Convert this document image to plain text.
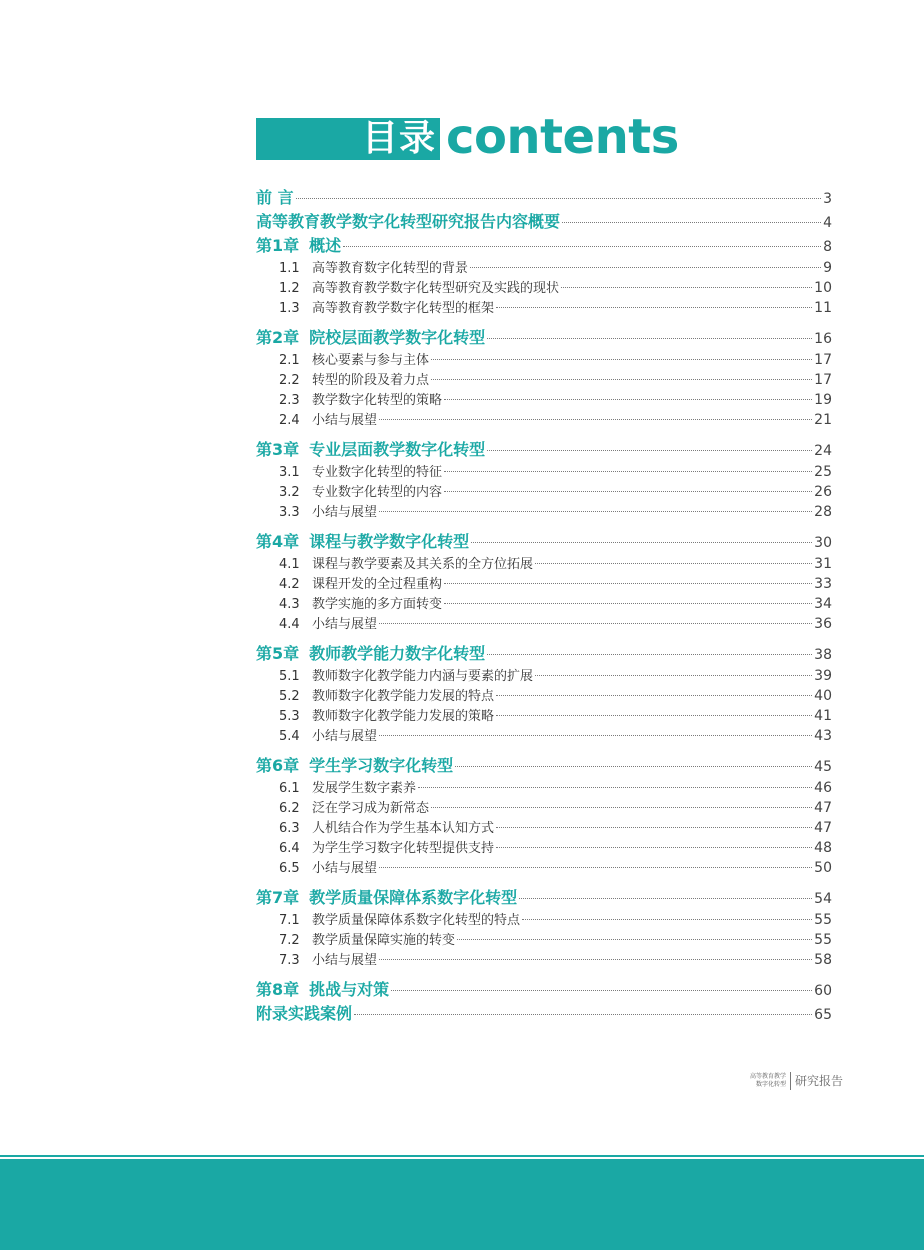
目录 contents
前 言	3
高等教育教学数字化转型研究报告内容概要	4
第1章 概述	8
1.1 高等教育数字化转型的背景	9
1.2 高等教育教学数字化转型研究及实践的现状	10
1.3 高等教育教学数字化转型的框架	11
第2章 院校层面教学数字化转型	16
2.1 核心要素与参与主体	17
2.2 转型的阶段及着力点	17
2.3 教学数字化转型的策略	19
2.4 小结与展望	21
第3章 专业层面教学数字化转型	24
3.1 专业数字化转型的特征	25
3.2 专业数字化转型的内容	26
3.3 小结与展望	28
第4章 课程与教学数字化转型	30
4.1 课程与教学要素及其关系的全方位拓展	31
4.2 课程开发的全过程重构	33
4.3 教学实施的多方面转变	34
4.4 小结与展望	36
第5章 教师教学能力数字化转型	38
5.1 教师数字化教学能力内涵与要素的扩展	39
5.2 教师数字化教学能力发展的特点	40
5.3 教师数字化教学能力发展的策略	41
5.4 小结与展望	43
第6章 学生学习数字化转型	45
6.1 发展学生数字素养	46
6.2 泛在学习成为新常态	47
6.3 人机结合作为学生基本认知方式	47
6.4 为学生学习数字化转型提供支持	48
6.5 小结与展望	50
第7章 教学质量保障体系数字化转型	54
7.1 教学质量保障体系数字化转型的特点	55
7.2 教学质量保障实施的转变	55
7.3 小结与展望	58
第8章 挑战与对策	60
附录实践案例	65
高等教育教学
数字化转型 研究报告
